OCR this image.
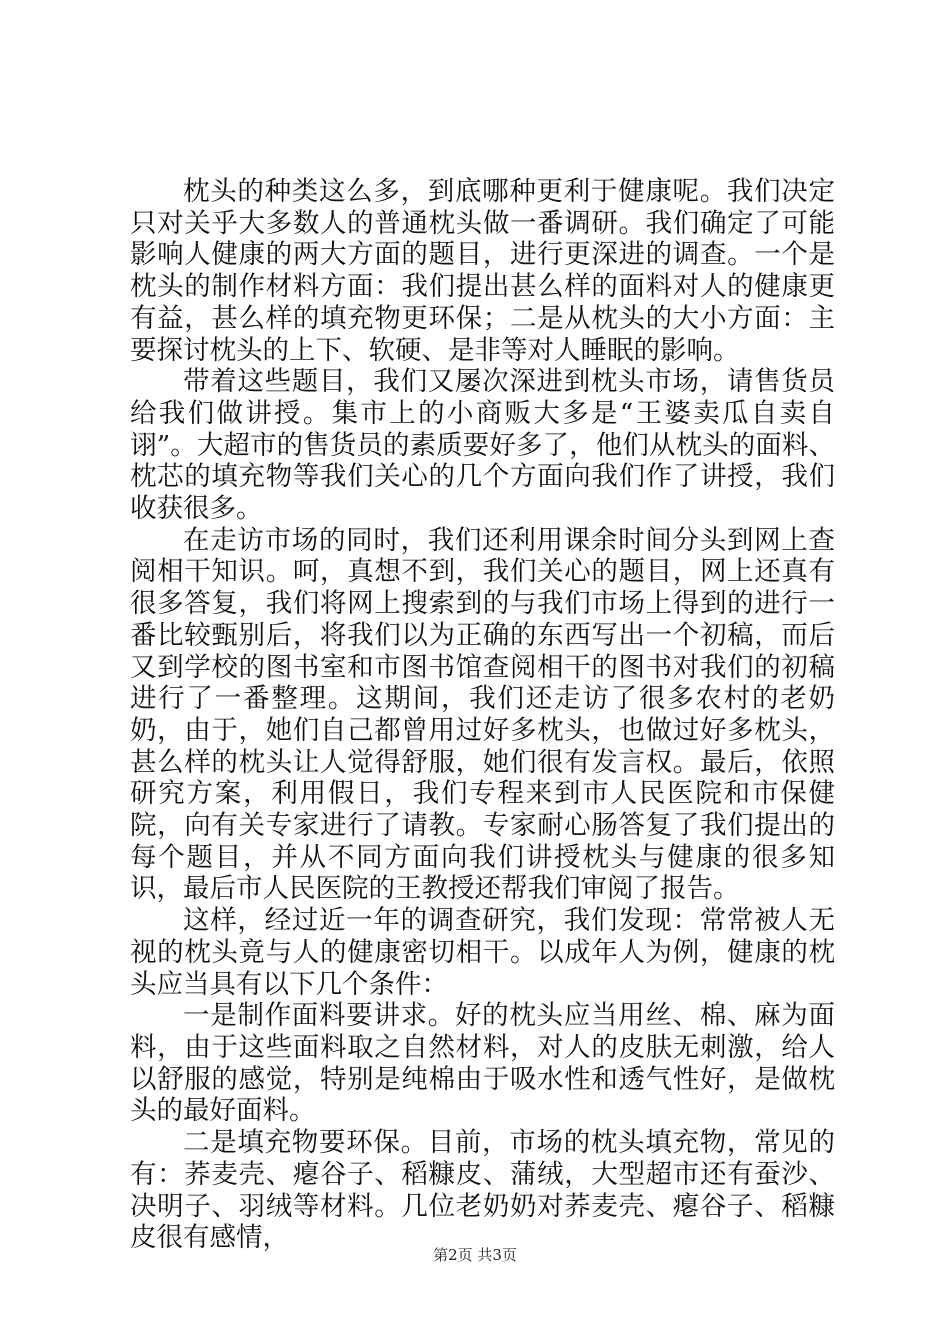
枕头的种类这么多，到底哪种更利于健康呢。我们决定只对关乎大多数人的普通枕头做一番调研。我们确定了可能影响人健康的两大方面的题目，进行更深进的调查。一个是枕头的制作材料方面：我们提出甚么样的面料对人的健康更有益，甚么样的填充物更环保；二是从枕头的大小方面：主要探讨枕头的上下、软硬、是非等对人睡眠的影响。

带着这些题目，我们又屡次深进到枕头市场，请售货员给我们做讲授。集市上的小商贩大多是“王婆卖瓜自卖自诩”。大超市的售货员的素质要好多了，他们从枕头的面料、枕芯的填充物等我们关心的几个方面向我们作了讲授，我们收获很多。

在走访市场的同时，我们还利用课余时间分头到网上查阅相干知识。呵，真想不到，我们关心的题目，网上还真有很多答复，我们将网上搜索到的与我们市场上得到的进行一番比较甄别后，将我们以为正确的东西写出一个初稿，而后又到学校的图书室和市图书馆查阅相干的图书对我们的初稿进行了一番整理。这期间，我们还走访了很多农村的老奶奶，由于，她们自己都曾用过好多枕头，也做过好多枕头，甚么样的枕头让人觉得舒服，她们很有发言权。最后，依照研究方案，利用假日，我们专程来到市人民医院和市保健院，向有关专家进行了请教。专家耐心肠答复了我们提出的每个题目，并从不同方面向我们讲授枕头与健康的很多知识，最后市人民医院的王教授还帮我们审阅了报告。

这样，经过近一年的调查研究，我们发现：常常被人无视的枕头竟与人的健康密切相干。以成年人为例，健康的枕头应当具有以下几个条件：

一是制作面料要讲求。好的枕头应当用丝、棉、麻为面料，由于这些面料取之自然材料，对人的皮肤无刺激，给人以舒服的感觉，特别是纯棉由于吸水性和透气性好，是做枕头的最好面料。

二是填充物要环保。目前，市场的枕头填充物，常见的有：荞麦壳、瘪谷子、稻糠皮、蒲绒，大型超市还有蚕沙、决明子、羽绒等材料。几位老奶奶对荞麦壳、瘪谷子、稻糠皮很有感情，

第2页 共3页
